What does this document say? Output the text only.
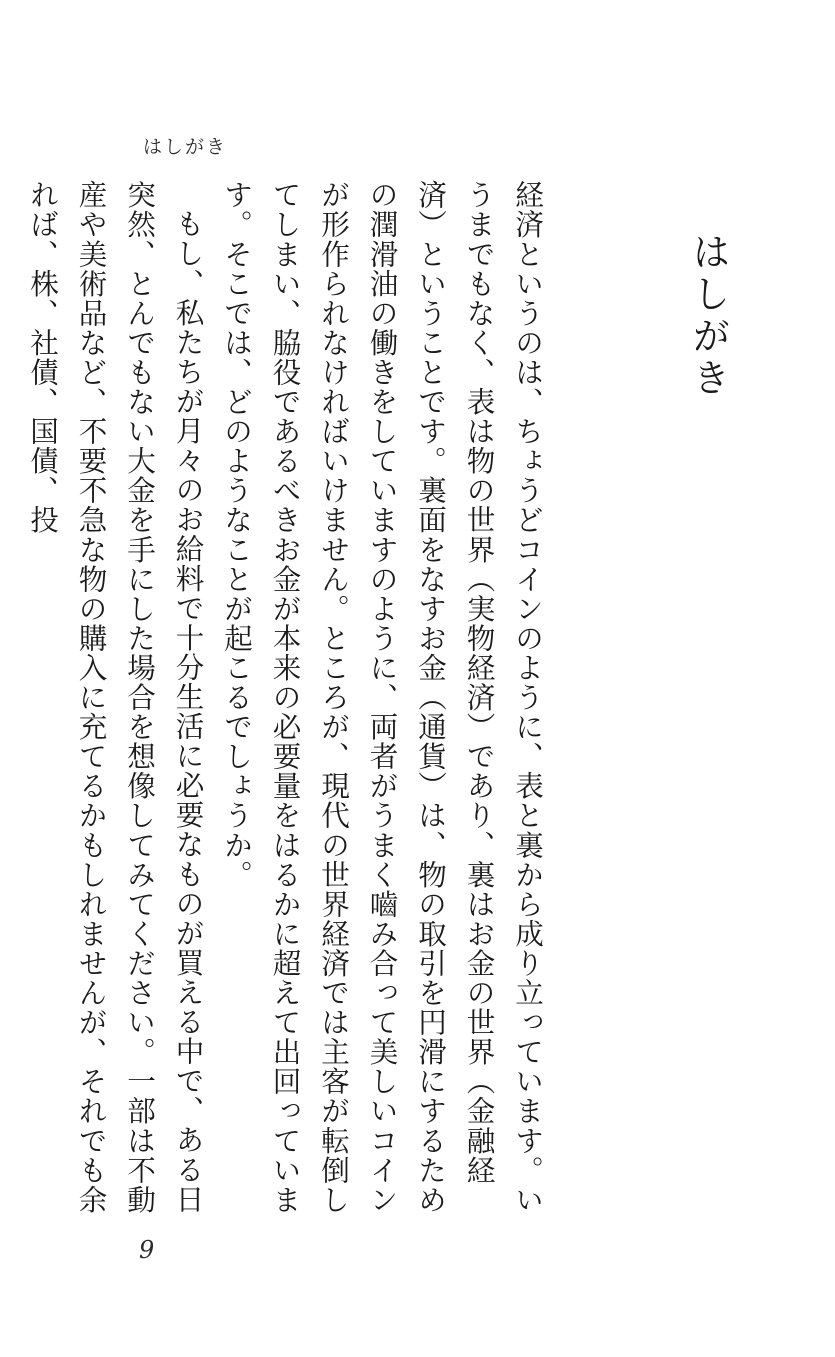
はしがき
はしがき

経済というのは、ちょうどコインのように、表と裏から成り立っています。いうまでもなく、表は物の世界（実物経済）であり、裏はお金の世界（金融経済）ということです。裏面をなすお金（通貨）は、物の取引を円滑にするための潤滑油の働きをしていますのように、両者がうまく嚙み合って美しいコインが形作られなければいけません。ところが、現代の世界経済では主客が転倒してしまい、脇役であるべきお金が本来の必要量をはるかに超えて出回っています。そこでは、どのようなことが起こるでしょうか。

もし、私たちが月々のお給料で十分生活に必要なものが買える中で、ある日突然、とんでもない大金を手にした場合を想像してみてください。一部は不動産や美術品など、不要不急な物の購入に充てるかもしれませんが、それでも余れば、株、社債、国債、投

9
